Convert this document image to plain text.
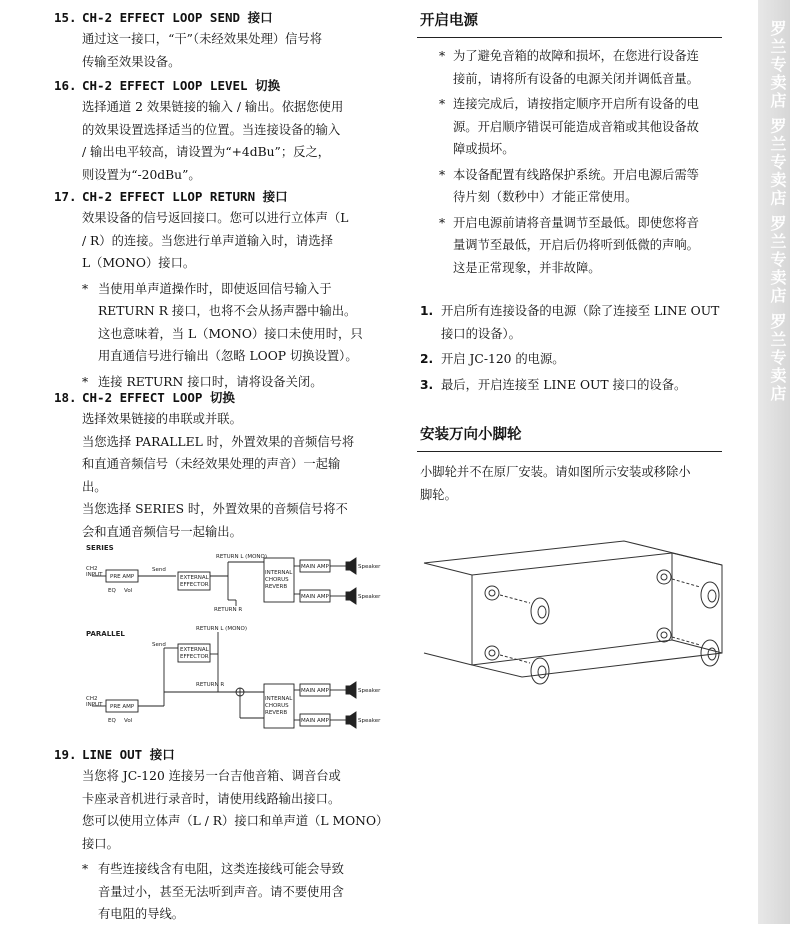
15. CH-2 EFFECT LOOP SEND 接口
通过这一接口，“干”（未经效果处理）信号将
传输至效果设备。
16. CH-2 EFFECT LOOP LEVEL 切换
选择通道 2 效果链接的输入 / 输出。依据您使用
的效果设置选择适当的位置。当连接设备的输入
/ 输出电平较高，请设置为“+4dBu”；反之，
则设置为“-20dBu”。
17. CH-2 EFFECT LLOP RETURN 接口
效果设备的信号返回接口。您可以进行立体声（L
/ R）的连接。当您进行单声道输入时，请选择
L（MONO）接口。
* 当使用单声道操作时，即使返回信号输入于
RETURN R 接口，也将不会从扬声器中输出。
这也意味着，当 L（MONO）接口未使用时，只
用直通信号进行输出（忽略 LOOP 切换设置）。
* 连接 RETURN 接口时，请将设备关闭。
18. CH-2 EFFECT LOOP 切换
选择效果链接的串联或并联。
当您选择 PARALLEL 时，外置效果的音频信号将
和直通音频信号（未经效果处理的声音）一起输
出。
当您选择 SERIES 时，外置效果的音频信号将不
会和直通音频信号一起输出。
SERIES
CH2
INPUT PRE AMP
Send
EXTERNAL
EFFECTOR
RETURN L (MONO)
RETURN R
INTERNAL
CHORUS
REVERB
MAIN AMP
MAIN AMP
Speaker
Speaker
EQ Vol
PARALLEL
Send
RETURN L (MONO)
RETURN R
EXTERNAL
EFFECTOR
CH2
INPUT PRE AMP
INTERNAL
CHORUS
REVERB
MAIN AMP
MAIN AMP
Speaker
Speaker
EQ Vol
19. LINE OUT 接口
当您将 JC-120 连接另一台吉他音箱、调音台或
卡座录音机进行录音时，请使用线路输出接口。
您可以使用立体声（L / R）接口和单声道（L MONO）
接口。
* 有些连接线含有电阻，这类连接线可能会导致
音量过小，甚至无法听到声音。请不要使用含
有电阻的导线。
开启电源
* 为了避免音箱的故障和损坏，在您进行设备连
接前，请将所有设备的电源关闭并调低音量。
* 连接完成后，请按指定顺序开启所有设备的电
源。开启顺序错误可能造成音箱或其他设备故
障或损坏。
* 本设备配置有线路保护系统。开启电源后需等
待片刻（数秒中）才能正常使用。
* 开启电源前请将音量调节至最低。即使您将音
量调节至最低，开启后仍将听到低微的声响。
这是正常现象，并非故障。
1. 开启所有连接设备的电源（除了连接至 LINE OUT
接口的设备）。
2. 开启 JC-120 的电源。
3. 最后，开启连接至 LINE OUT 接口的设备。
安装万向小脚轮
小脚轮并不在原厂安装。请如图所示安装或移除小
脚轮。
罗兰专卖店 罗兰专卖店 罗兰专卖店 罗兰专卖店
